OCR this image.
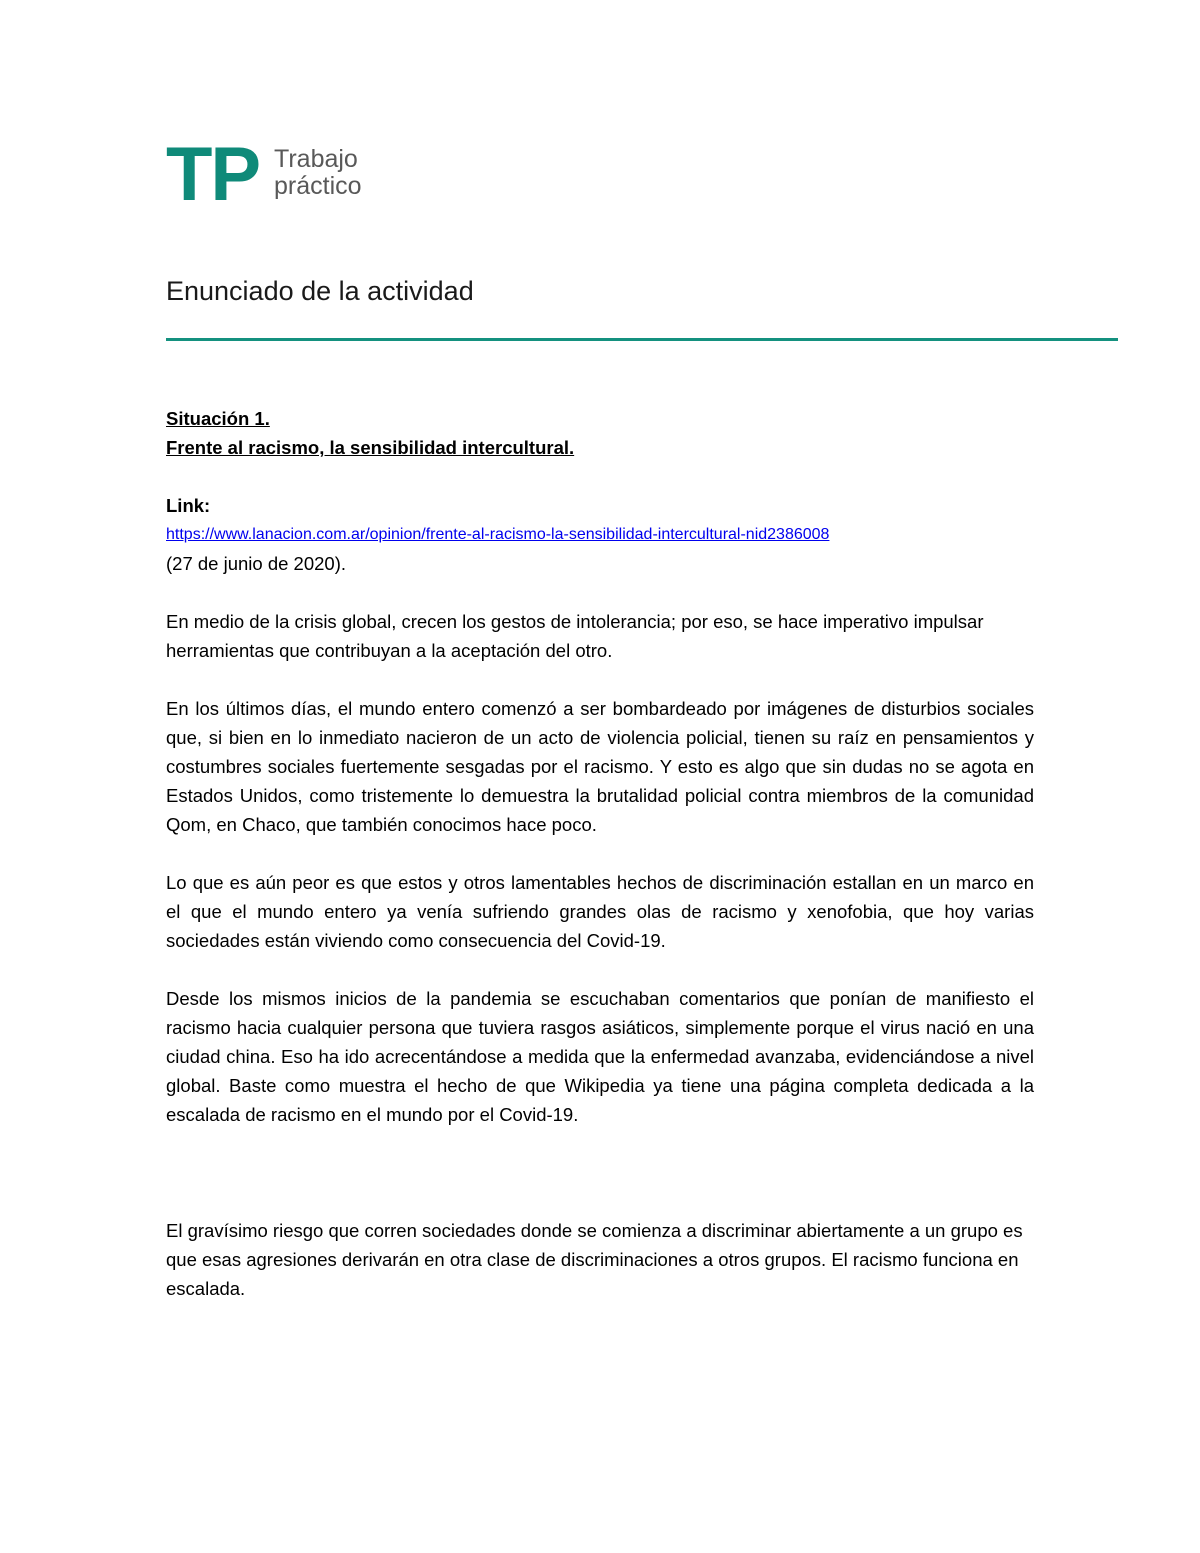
TP Trabajo
práctico
Enunciado de la actividad
Situación 1.
Frente al racismo, la sensibilidad intercultural.
Link:
https://www.lanacion.com.ar/opinion/frente-al-racismo-la-sensibilidad-intercultural-nid2386008
(27 de junio de 2020).

En medio de la crisis global, crecen los gestos de intolerancia; por eso, se hace imperativo impulsar herramientas que contribuyan a la aceptación del otro.

En los últimos días, el mundo entero comenzó a ser bombardeado por imágenes de disturbios sociales que, si bien en lo inmediato nacieron de un acto de violencia policial, tienen su raíz en pensamientos y costumbres sociales fuertemente sesgadas por el racismo. Y esto es algo que sin dudas no se agota en Estados Unidos, como tristemente lo demuestra la brutalidad policial contra miembros de la comunidad Qom, en Chaco, que también conocimos hace poco.

Lo que es aún peor es que estos y otros lamentables hechos de discriminación estallan en un marco en el que el mundo entero ya venía sufriendo grandes olas de racismo y xenofobia, que hoy varias sociedades están viviendo como consecuencia del Covid-19.

Desde los mismos inicios de la pandemia se escuchaban comentarios que ponían de manifiesto el racismo hacia cualquier persona que tuviera rasgos asiáticos, simplemente porque el virus nació en una ciudad china. Eso ha ido acrecentándose a medida que la enfermedad avanzaba, evidenciándose a nivel global. Baste como muestra el hecho de que Wikipedia ya tiene una página completa dedicada a la escalada de racismo en el mundo por el Covid-19.

El gravísimo riesgo que corren sociedades donde se comienza a discriminar abiertamente a un grupo es que esas agresiones derivarán en otra clase de discriminaciones a otros grupos. El racismo funciona en escalada.
